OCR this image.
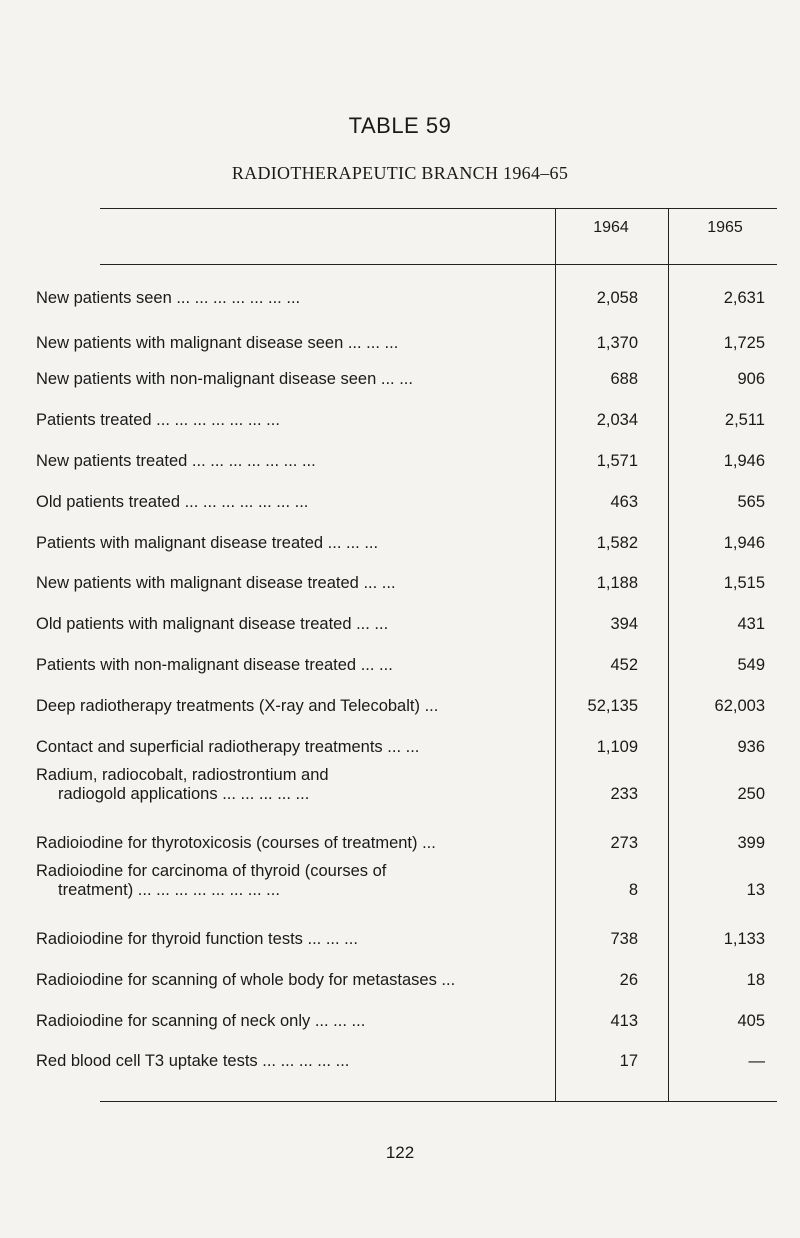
TABLE 59
RADIOTHERAPEUTIC BRANCH 1964–65
1964	1965
New patients seen ... ... ... ... ... ... ...	2,058	2,631
New patients with malignant disease seen ... ... ...	1,370	1,725
New patients with non-malignant disease seen ... ...	688	906
Patients treated ... ... ... ... ... ... ...	2,034	2,511
New patients treated ... ... ... ... ... ... ...	1,571	1,946
Old patients treated ... ... ... ... ... ... ...	463	565
Patients with malignant disease treated ... ... ...	1,582	1,946
New patients with malignant disease treated ... ...	1,188	1,515
Old patients with malignant disease treated ... ...	394	431
Patients with non-malignant disease treated ... ...	452	549
Deep radiotherapy treatments (X-ray and Telecobalt) ...	52,135	62,003
Contact and superficial radiotherapy treatments ... ...	1,109	936
Radium, radiocobalt, radiostrontium and
radiogold applications ... ... ... ... ...	233	250
Radioiodine for thyrotoxicosis (courses of treatment) ...	273	399
Radioiodine for carcinoma of thyroid (courses of
treatment) ... ... ... ... ... ... ... ...	8	13
Radioiodine for thyroid function tests ... ... ...	738	1,133
Radioiodine for scanning of whole body for metastases ...	26	18
Radioiodine for scanning of neck only ... ... ...	413	405
Red blood cell T3 uptake tests ... ... ... ... ...	17	—
122
